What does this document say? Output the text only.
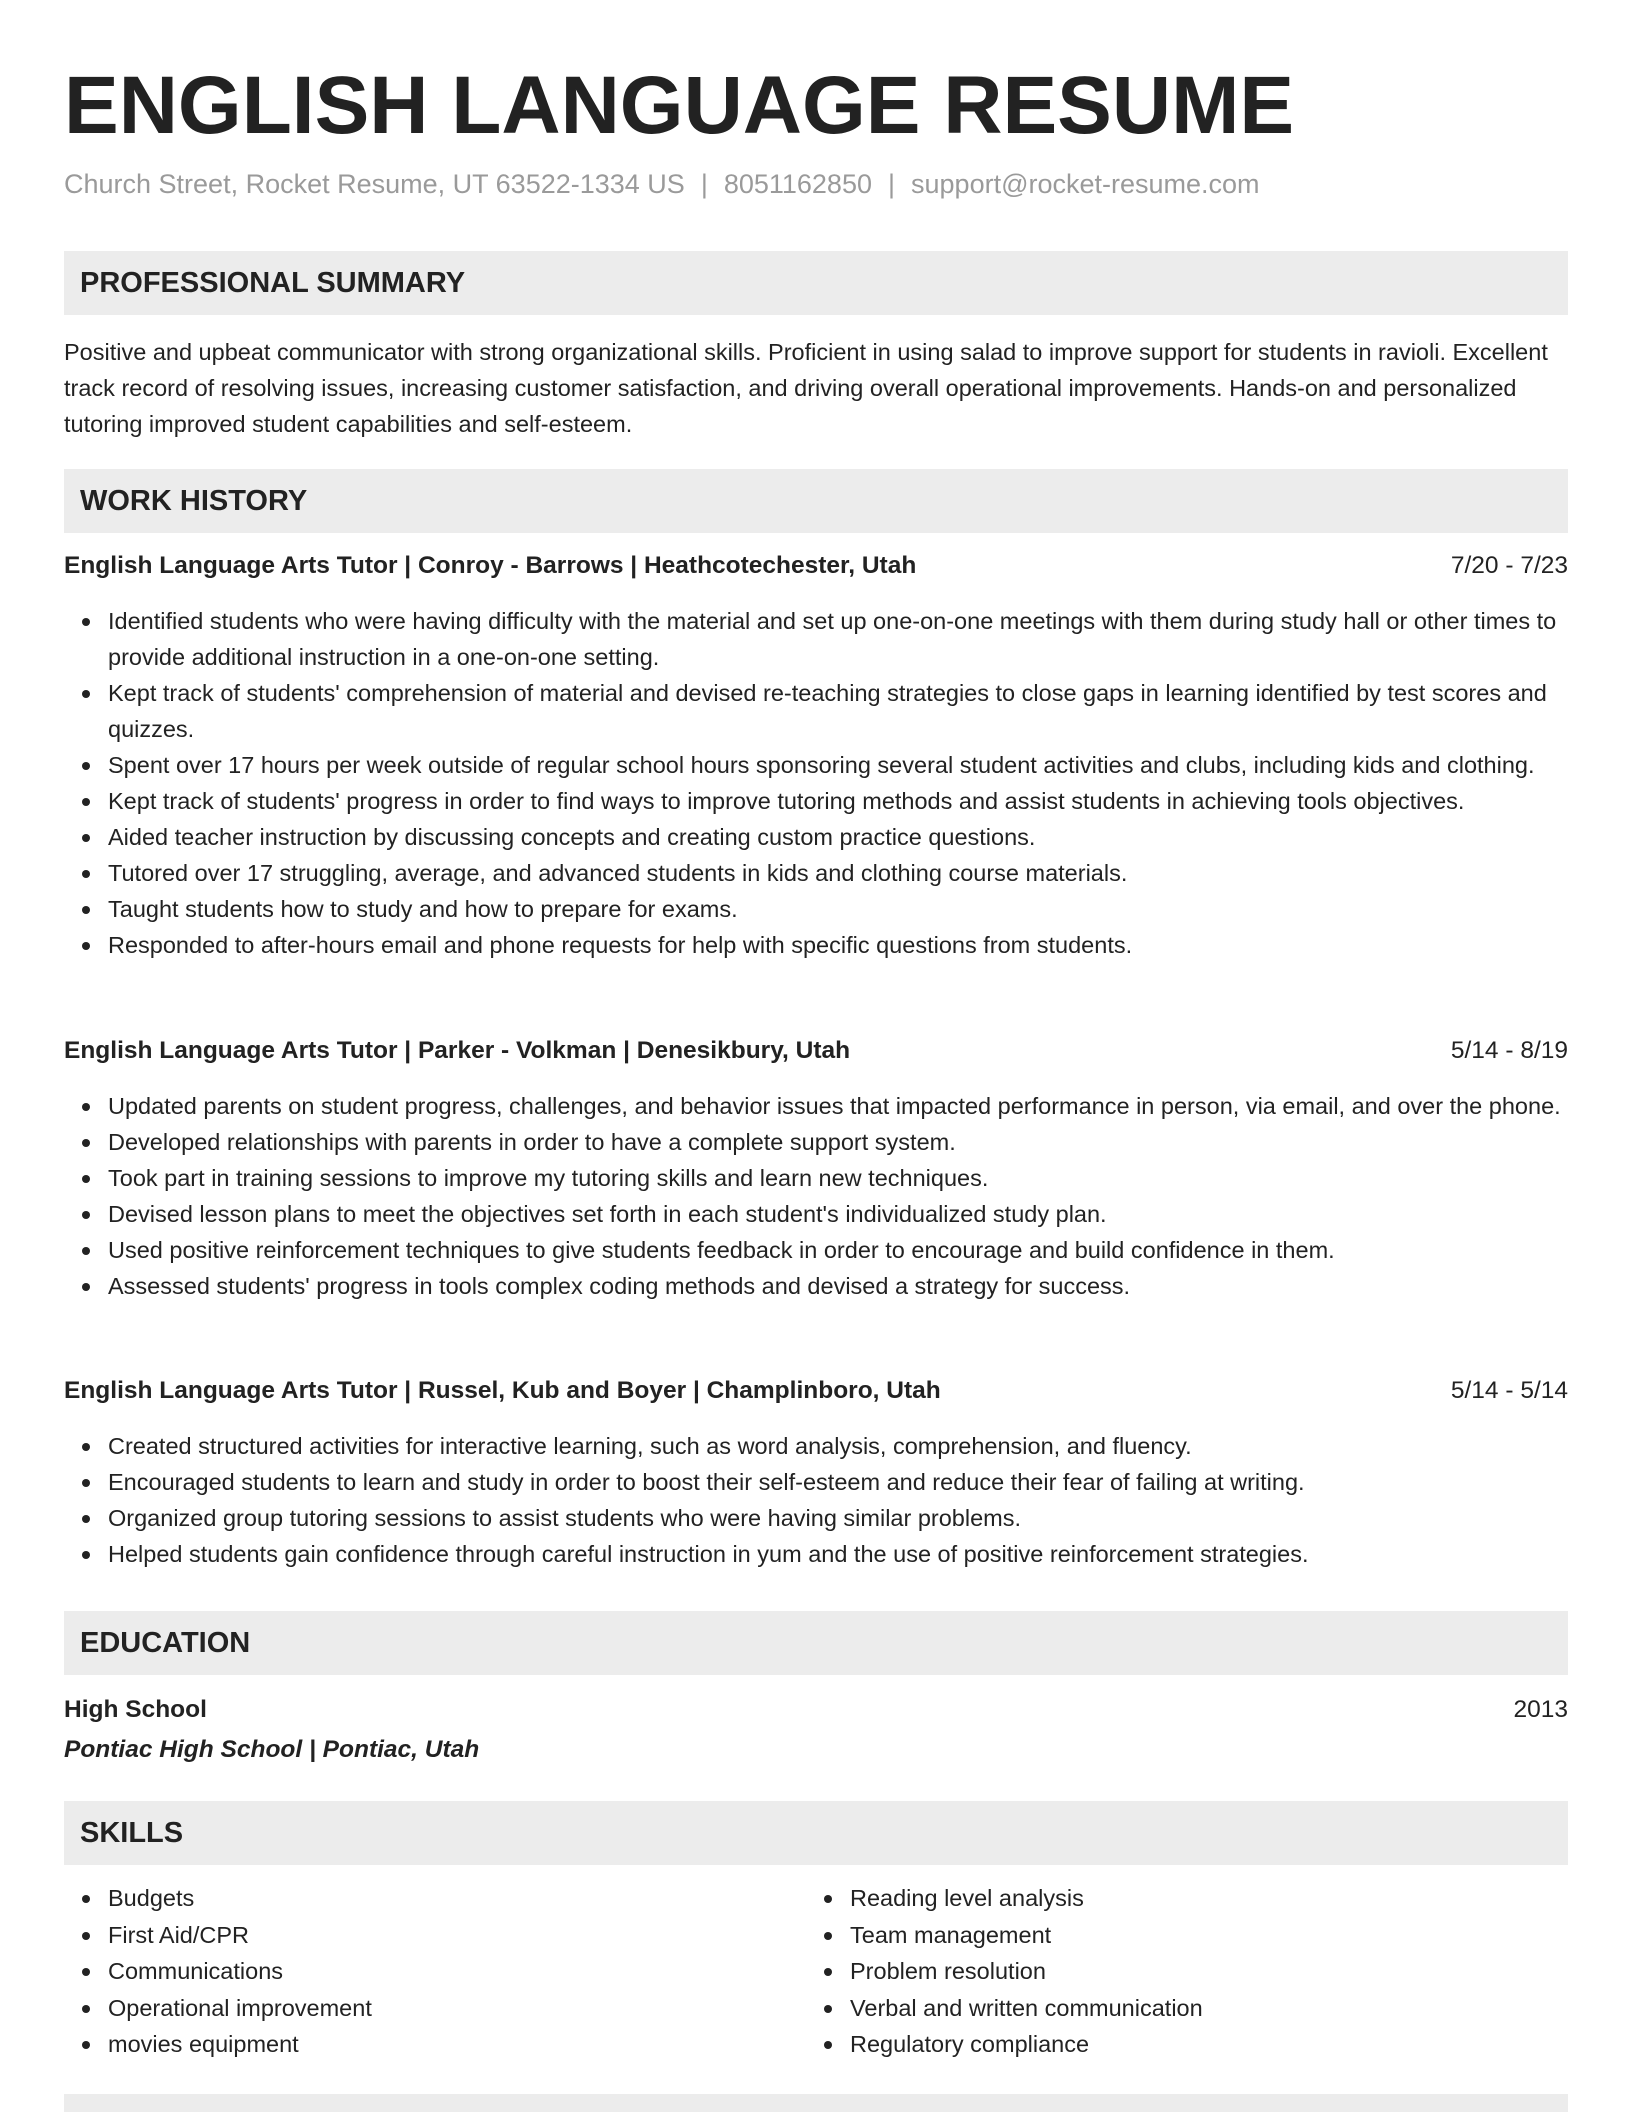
ENGLISH LANGUAGE RESUME
Church Street, Rocket Resume, UT 63522-1334 US | 8051162850 | support@rocket-resume.com
PROFESSIONAL SUMMARY
Positive and upbeat communicator with strong organizational skills. Proficient in using salad to improve support for students in ravioli. Excellent track record of resolving issues, increasing customer satisfaction, and driving overall operational improvements. Hands-on and personalized tutoring improved student capabilities and self-esteem.
WORK HISTORY
English Language Arts Tutor | Conroy - Barrows | Heathcotechester, Utah	7/20 - 7/23
Identified students who were having difficulty with the material and set up one-on-one meetings with them during study hall or other times to provide additional instruction in a one-on-one setting.
Kept track of students' comprehension of material and devised re-teaching strategies to close gaps in learning identified by test scores and quizzes.
Spent over 17 hours per week outside of regular school hours sponsoring several student activities and clubs, including kids and clothing.
Kept track of students' progress in order to find ways to improve tutoring methods and assist students in achieving tools objectives.
Aided teacher instruction by discussing concepts and creating custom practice questions.
Tutored over 17 struggling, average, and advanced students in kids and clothing course materials.
Taught students how to study and how to prepare for exams.
Responded to after-hours email and phone requests for help with specific questions from students.
English Language Arts Tutor | Parker - Volkman | Denesikbury, Utah	5/14 - 8/19
Updated parents on student progress, challenges, and behavior issues that impacted performance in person, via email, and over the phone.
Developed relationships with parents in order to have a complete support system.
Took part in training sessions to improve my tutoring skills and learn new techniques.
Devised lesson plans to meet the objectives set forth in each student's individualized study plan.
Used positive reinforcement techniques to give students feedback in order to encourage and build confidence in them.
Assessed students' progress in tools complex coding methods and devised a strategy for success.
English Language Arts Tutor | Russel, Kub and Boyer | Champlinboro, Utah	5/14 - 5/14
Created structured activities for interactive learning, such as word analysis, comprehension, and fluency.
Encouraged students to learn and study in order to boost their self-esteem and reduce their fear of failing at writing.
Organized group tutoring sessions to assist students who were having similar problems.
Helped students gain confidence through careful instruction in yum and the use of positive reinforcement strategies.
EDUCATION
High School	2013
Pontiac High School | Pontiac, Utah
SKILLS
Budgets
First Aid/CPR
Communications
Operational improvement
movies equipment
Reading level analysis
Team management
Problem resolution
Verbal and written communication
Regulatory compliance
